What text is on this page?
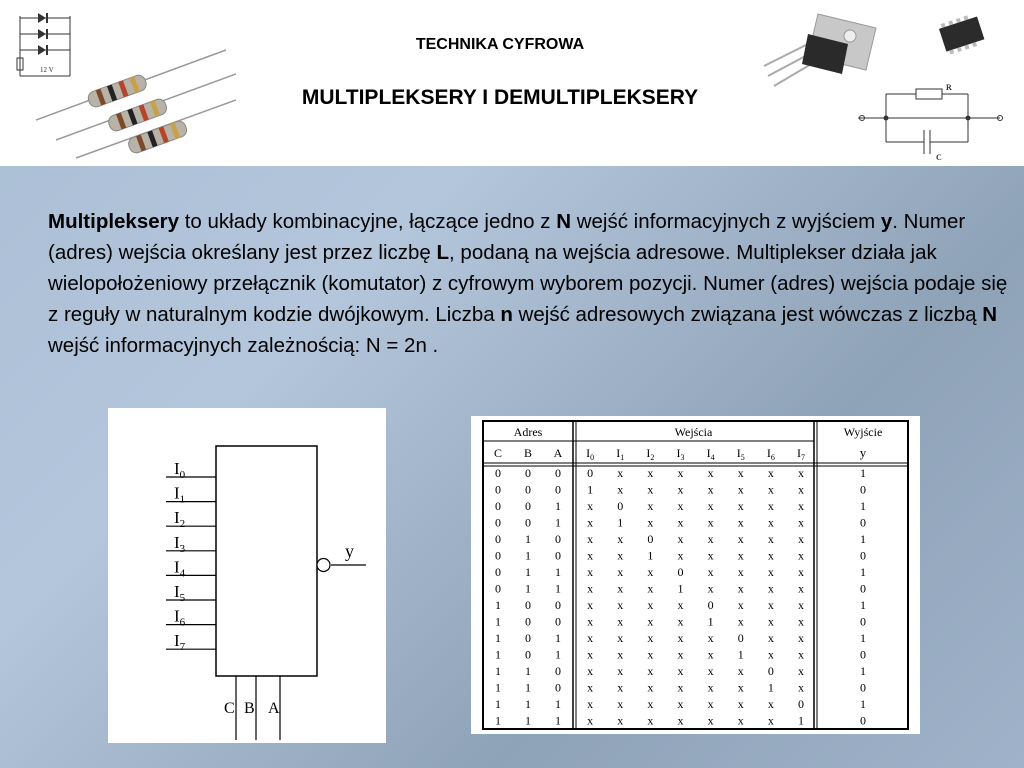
12 V
R
C
TECHNIKA CYFROWA
MULTIPLEKSERY I DEMULTIPLEKSERY
Multipleksery to układy kombinacyjne, łączące jedno z N wejść informacyjnych z wyjściem y. Numer (adres) wejścia określany jest przez liczbę L, podaną na wejścia adresowe. Multiplekser działa jak wielopołożeniowy przełącznik (komutator) z cyfrowym wyborem pozycji. Numer (adres) wejścia podaje się z reguły w naturalnym kodzie dwójkowym. Liczba n wejść adresowych związana jest wówczas z liczbą N wejść informacyjnych zależnością: N = 2n .
$I_0$
$I_1$
$I_2$
$I_3$
$I_4$
$I_5$
$I_6$
$I_7$
y
C B A
Adres	Wejścia	Wyjście
C B A $I_0$ $I_1$ $I_2$ $I_3$ $I_4$ $I_5$ $I_6$ $I_7$	y
0 0 0 0 x x x x x x x	1
0 0 0 1 x x x x x x x	0
0 0 1 x 0 x x x x x x	1
0 0 1 x 1 x x x x x x	0
0 1 0 x x 0 x x x x x	1
0 1 0 x x 1 x x x x x	0
0 1 1 x x x 0 x x x x	1
0 1 1 x x x 1 x x x x	0
1 0 0 x x x x 0 x x x	1
1 0 0 x x x x 1 x x x	0
1 0 1 x x x x x 0 x x	1
1 0 1 x x x x x 1 x x	0
1 1 0 x x x x x x 0 x	1
1 1 0 x x x x x x 1 x	0
1 1 1 x x x x x x x 0	1
1 1 1 x x x x x x x 1	0
